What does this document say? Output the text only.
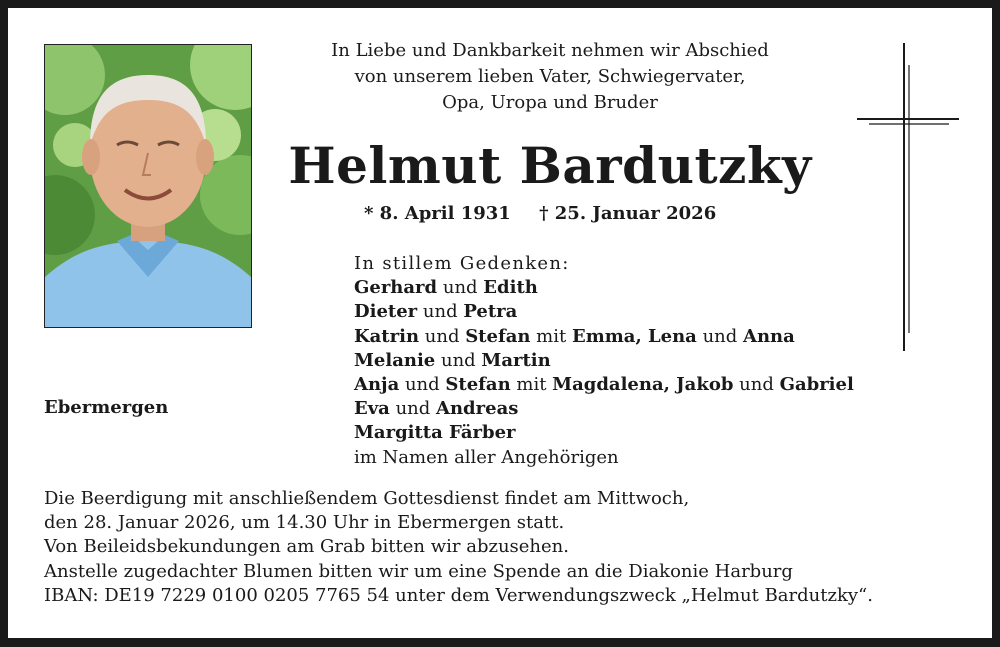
In Liebe und Dankbarkeit nehmen wir Abschied
von unserem lieben Vater, Schwiegervater,
Opa, Uropa und Bruder
Helmut Bardutzky
* 8. April 1931 † 25. Januar 2026
In stillem Gedenken:
Gerhard und Edith
Dieter und Petra
Katrin und Stefan mit Emma, Lena und Anna
Melanie und Martin
Anja und Stefan mit Magdalena, Jakob und Gabriel
Eva und Andreas
Margitta Färber
im Namen aller Angehörigen
Ebermergen
Die Beerdigung mit anschließendem Gottesdienst findet am Mittwoch,
den 28. Januar 2026, um 14.30 Uhr in Ebermergen statt.
Von Beileidsbekundungen am Grab bitten wir abzusehen.
Anstelle zugedachter Blumen bitten wir um eine Spende an die Diakonie Harburg
IBAN: DE19 7229 0100 0205 7765 54 unter dem Verwendungszweck „Helmut Bardutzky“.
